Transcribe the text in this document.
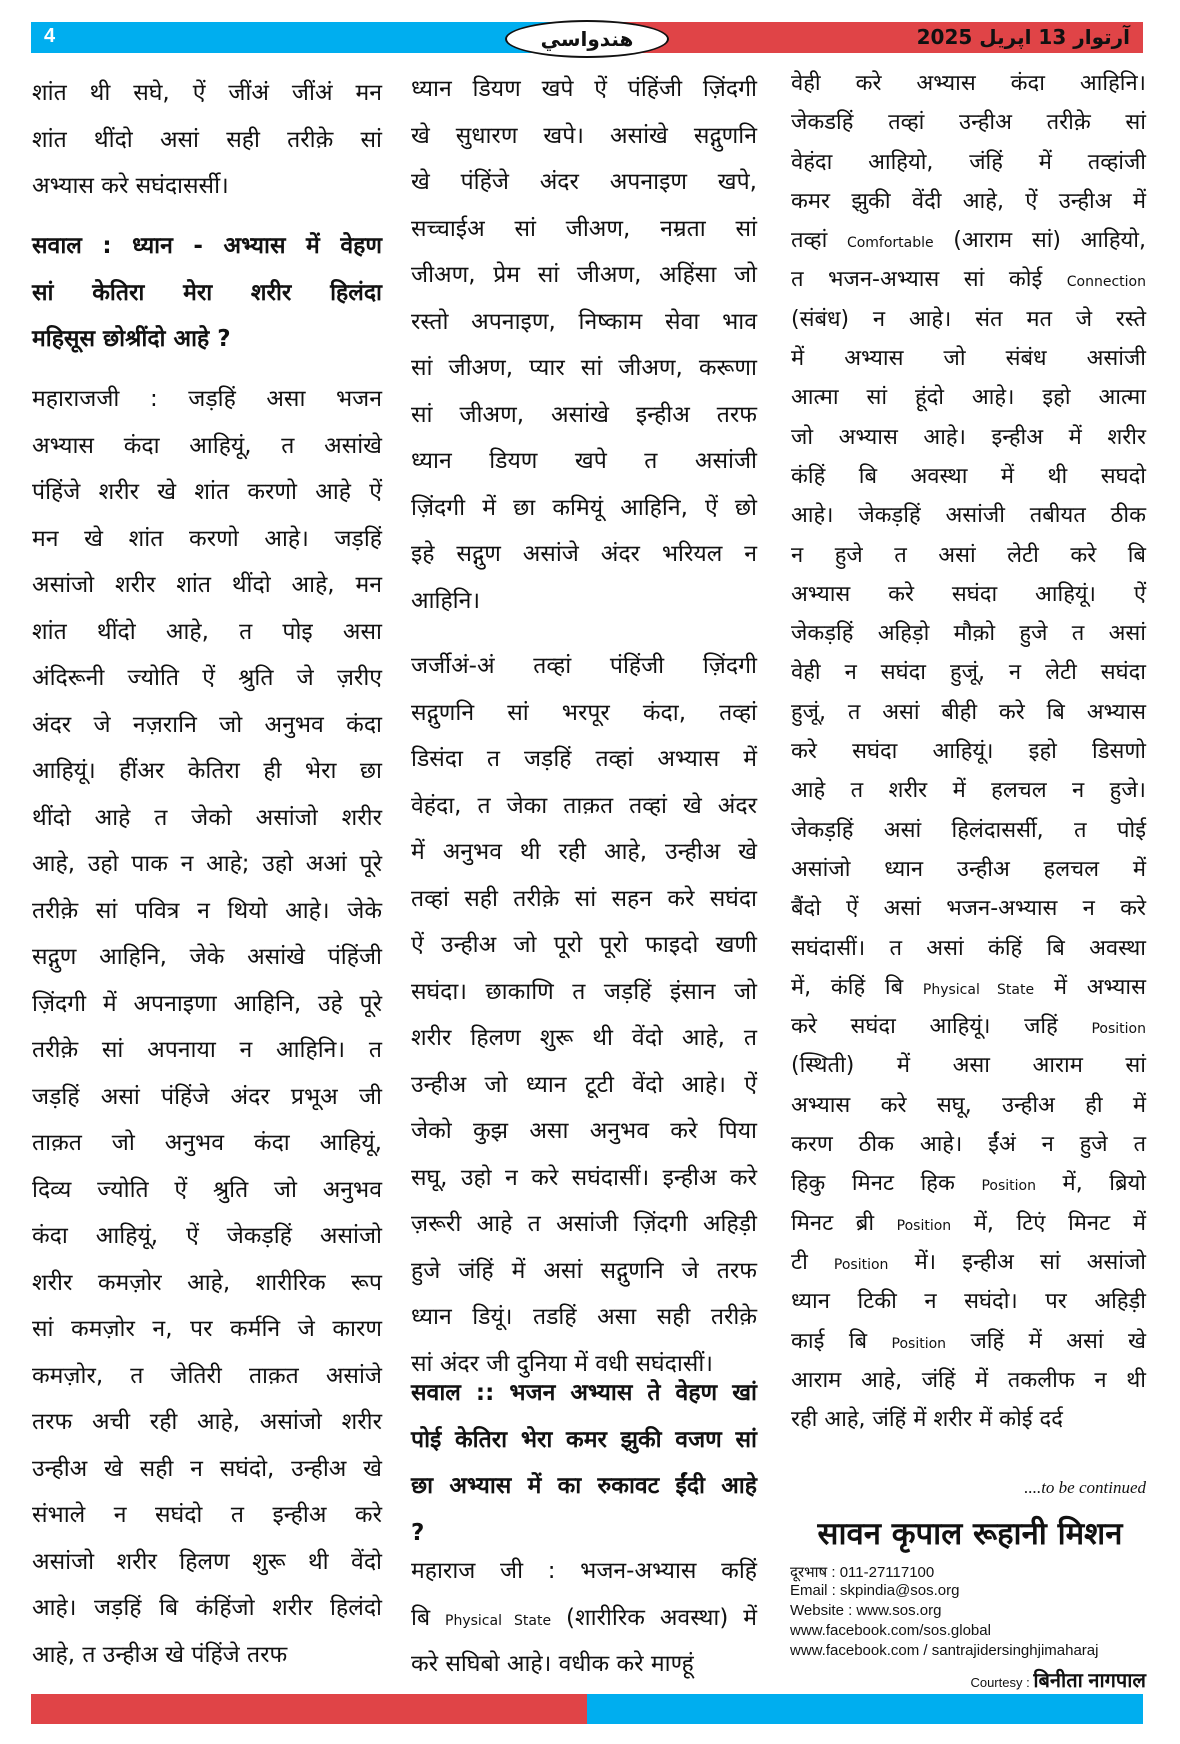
4	هندواسي	آرتوار 13 اپريل 2025
शांत थी सघे, ऐं जींअं जींअं मन
शांत थींदो असां सही तरीक़े सां
अभ्यास करे सघंदासर्सी।
सवाल : ध्यान - अभ्यास में वेहण
सां केतिरा मेरा शरीर हिलंदा
महिसूस छोश्रींदो आहे ?
महाराजजी : जड़हिं असा भजन
अभ्यास कंदा आहियूं, त असांखे
पंहिंजे शरीर खे शांत करणो आहे ऐं
मन खे शांत करणो आहे। जड़हिं
असांजो शरीर शांत थींदो आहे, मन
शांत थींदो आहे, त पोइ असा
अंदिरूनी ज्योति ऐं श्रुति जे ज़रीए
अंदर जे नज़रानि जो अनुभव कंदा
आहियूं। हींअर केतिरा ही भेरा छा
थींदो आहे त जेको असांजो शरीर
आहे, उहो पाक न आहे; उहो अआं पूरे
तरीक़े सां पवित्र न थियो आहे। जेके
सद्गुण आहिनि, जेके असांखे पंहिंजी
ज़िंदगी में अपनाइणा आहिनि, उहे पूरे
तरीक़े सां अपनाया न आहिनि। त
जड़हिं असां पंहिंजे अंदर प्रभूअ जी
ताक़त जो अनुभव कंदा आहियूं,
दिव्य ज्योति ऐं श्रुति जो अनुभव
कंदा आहियूं, ऐं जेकड़हिं असांजो
शरीर कमज़ोर आहे, शारीरिक रूप
सां कमज़ोर न, पर कर्मनि जे कारण
कमज़ोर, त जेतिरी ताक़त असांजे
तरफ अची रही आहे, असांजो शरीर
उन्हीअ खे सही न सघंदो, उन्हीअ खे
संभाले न सघंदो त इन्हीअ करे
असांजो शरीर हिलण शुरू थी वेंदो
आहे। जड़हिं बि कंहिंजो शरीर हिलंदो
आहे, त उन्हीअ खे पंहिंजे तरफ
ध्यान डियण खपे ऐं पंहिंजी ज़िंदगी
खे सुधारण खपे। असांखे सद्गुणनि
खे पंहिंजे अंदर अपनाइण खपे,
सच्चाईअ सां जीअण, नम्रता सां
जीअण, प्रेम सां जीअण, अहिंसा जो
रस्तो अपनाइण, निष्काम सेवा भाव
सां जीअण, प्यार सां जीअण, करूणा
सां जीअण, असांखे इन्हीअ तरफ
ध्यान डियण खपे त असांजी
ज़िंदगी में छा कमियूं आहिनि, ऐं छो
इहे सद्गुण असांजे अंदर भरियल न
आहिनि।
जर्जीअं-अं तव्हां पंहिंजी ज़िंदगी
सद्गुणनि सां भरपूर कंदा, तव्हां
डिसंदा त जड़हिं तव्हां अभ्यास में
वेहंदा, त जेका ताक़त तव्हां खे अंदर
में अनुभव थी रही आहे, उन्हीअ खे
तव्हां सही तरीक़े सां सहन करे सघंदा
ऐं उन्हीअ जो पूरो पूरो फाइदो खणी
सघंदा। छाकाणि त जड़हिं इंसान जो
शरीर हिलण शुरू थी वेंदो आहे, त
उन्हीअ जो ध्यान टूटी वेंदो आहे। ऐं
जेको कुझ असा अनुभव करे पिया
सघू, उहो न करे सघंदासीं। इन्हीअ करे
ज़रूरी आहे त असांजी ज़िंदगी अहिड़ी
हुजे जंहिं में असां सद्गुणनि जे तरफ
ध्यान डियूं। तडहिं असा सही तरीक़े
सां अंदर जी दुनिया में वधी सघंदासीं।
सवाल :: भजन अभ्यास ते वेहण खां
पोई केतिरा भेरा कमर झुकी वजण सां
छा अभ्यास में का रुकावट ईंदी आहे
?
महाराज जी : भजन-अभ्यास कहिं
बि Physical State (शारीरिक अवस्था) में
करे सघिबो आहे। वधीक करे माण्हूं
वेही करे अभ्यास कंदा आहिनि।
जेकडहिं तव्हां उन्हीअ तरीक़े सां
वेहंदा आहियो, जंहिं में तव्हांजी
कमर झुकी वेंदी आहे, ऐं उन्हीअ में
तव्हां Comfortable (आराम सां) आहियो,
त भजन-अभ्यास सां कोई Connection
(संबंध) न आहे। संत मत जे रस्ते
में अभ्यास जो संबंध असांजी
आत्मा सां हूंदो आहे। इहो आत्मा
जो अभ्यास आहे। इन्हीअ में शरीर
कंहिं बि अवस्था में थी सघदो
आहे। जेकड़हिं असांजी तबीयत ठीक
न हुजे त असां लेटी करे बि
अभ्यास करे सघंदा आहियूं। ऐं
जेकड़हिं अहिड़ो मौक़ो हुजे त असां
वेही न सघंदा हुजूं, न लेटी सघंदा
हुजूं, त असां बीही करे बि अभ्यास
करे सघंदा आहियूं। इहो डिसणो
आहे त शरीर में हलचल न हुजे।
जेकड़हिं असां हिलंदासर्सी, त पोई
असांजो ध्यान उन्हीअ हलचल में
बैंदो ऐं असां भजन-अभ्यास न करे
सघंदासीं। त असां कंहिं बि अवस्था
में, कंहिं बि Physical State में अभ्यास
करे सघंदा आहियूं। जहिं Position
(स्थिती) में असा आराम सां
अभ्यास करे सघू, उन्हीअ ही में
करण ठीक आहे। ईंअं न हुजे त
हिकु मिनट हिक Position में, ब्रियो
मिनट ब्री Position में, टिएं मिनट में
टी Position में। इन्हीअ सां असांजो
ध्यान टिकी न सघंदो। पर अहिड़ी
काई बि Position जहिं में असां खे
आराम आहे, जंहिं में तकलीफ न थी
रही आहे, जंहिं में शरीर में कोई दर्द
....to be continued
सावन कृपाल रूहानी मिशन
दूरभाष : 011-27117100
Email : skpindia@sos.org
Website : www.sos.org
www.facebook.com/sos.global
www.facebook.com / santrajidersinghjimaharaj
Courtesy : बिनीता नागपाल
